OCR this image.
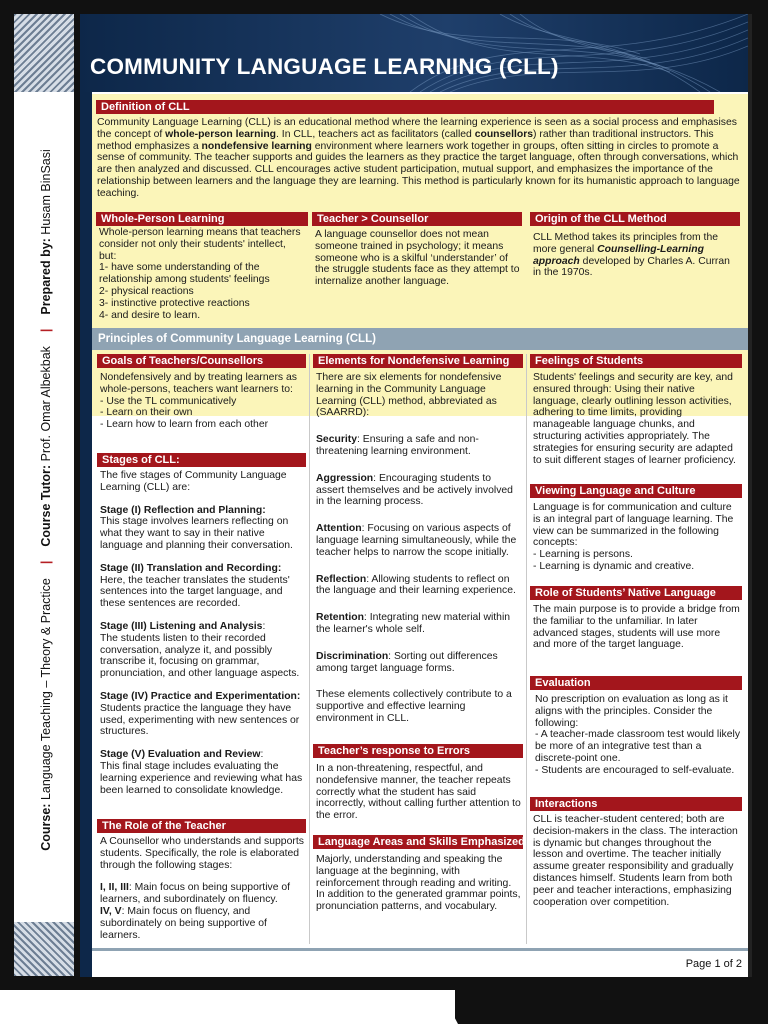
Course: Language Teaching – Theory & Practice|Course Tutor: Prof. Omar Albekbak|Prepared by: Husam BinSasi
COMMUNITY LANGUAGE LEARNING (CLL)
Definition of CLL
Community Language Learning (CLL) is an educational method where the learning experience is seen as a social process and emphasises the concept of whole-person learning. In CLL, teachers act as facilitators (called counsellors) rather than traditional instructors. This method emphasizes a nondefensive learning environment where learners work together in groups, often sitting in circles to promote a sense of community. The teacher supports and guides the learners as they practice the target language, often through conversations, which are then analyzed and discussed. CLL encourages active student participation, mutual support, and emphasizes the importance of the relationship between learners and the language they are learning. This method is particularly known for its humanistic approach to language teaching.
Whole-Person Learning

Whole-person learning means that teachers consider not only their students' intellect, but:

1- have some understanding of the relationship among students' feelings

2- physical reactions

3- instinctive protective reactions

4- and desire to learn.

Teacher > Counsellor
A language counsellor does not mean someone trained in psychology; it means someone who is a skilful ‘understander’ of the struggle students face as they attempt to internalize another language.
Origin of the CLL Method
CLL Method takes its principles from the more general Counselling-Learning approach developed by Charles A. Curran in the 1970s.
Principles of Community Language Learning (CLL)
Goals of Teachers/Counsellors

Nondefensively and by treating learners as whole-persons, teachers want learners to:

- Use the TL communicatively

- Learn on their own

- Learn how to learn from each other

Stages of CLL:

The five stages of Community Language Learning (CLL) are:

Stage (I) Reflection and Planning:

This stage involves learners reflecting on what they want to say in their native language and planning their conversation.

Stage (II) Translation and Recording:

Here, the teacher translates the students' sentences into the target language, and these sentences are recorded.

Stage (III) Listening and Analysis:

The students listen to their recorded conversation, analyze it, and possibly transcribe it, focusing on grammar, pronunciation, and other language aspects.

Stage (IV) Practice and Experimentation:

Students practice the language they have used, experimenting with new sentences or structures.

Stage (V) Evaluation and Review:

This final stage includes evaluating the learning experience and reviewing what has been learned to consolidate knowledge.

The Role of the Teacher

A Counsellor who understands and supports students. Specifically, the role is elaborated through the following stages:

I, II, III: Main focus on being supportive of learners, and subordinately on fluency.

IV, V: Main focus on fluency, and subordinately on being supportive of learners.

Elements for Nondefensive Learning

There are six elements for nondefensive learning in the Community Language Learning (CLL) method, abbreviated as (SAARRD):

Security: Ensuring a safe and non-threatening learning environment.

Aggression: Encouraging students to assert themselves and be actively involved in the learning process.

Attention: Focusing on various aspects of language learning simultaneously, while the teacher helps to narrow the scope initially.

Reflection: Allowing students to reflect on the language and their learning experience.

Retention: Integrating new material within the learner's whole self.

Discrimination: Sorting out differences among target language forms.

These elements collectively contribute to a supportive and effective learning environment in CLL.

Teacher’s response to Errors
In a non-threatening, respectful, and nondefensive manner, the teacher repeats correctly what the student has said incorrectly, without calling further attention to the error.
Language Areas and Skills Emphasized
Majorly, understanding and speaking the language at the beginning, with reinforcement through reading and writing. In addition to the generated grammar points, pronunciation patterns, and vocabulary.
Feelings of Students
Students' feelings and security are key, and ensured through: Using their native language, clearly outlining lesson activities, adhering to time limits, providing manageable language chunks, and structuring activities appropriately. The strategies for ensuring security are adapted to suit different stages of learner proficiency.
Viewing Language and Culture

Language is for communication and culture is an integral part of language learning. The view can be summarized in the following concepts:

- Learning is persons.

- Learning is dynamic and creative.

Role of Students’ Native Language
The main purpose is to provide a bridge from the familiar to the unfamiliar. In later advanced stages, students will use more and more of the target language.
Evaluation

No prescription on evaluation as long as it aligns with the principles. Consider the following:

- A teacher-made classroom test would likely be more of an integrative test than a discrete-point one.

- Students are encouraged to self-evaluate.

Interactions
CLL is teacher-student centered; both are decision-makers in the class. The interaction is dynamic but changes throughout the lesson and overtime. The teacher initially assume greater responsibility and gradually distances himself. Students learn from both peer and teacher interactions, emphasizing cooperation over competition.
Page 1 of 2
